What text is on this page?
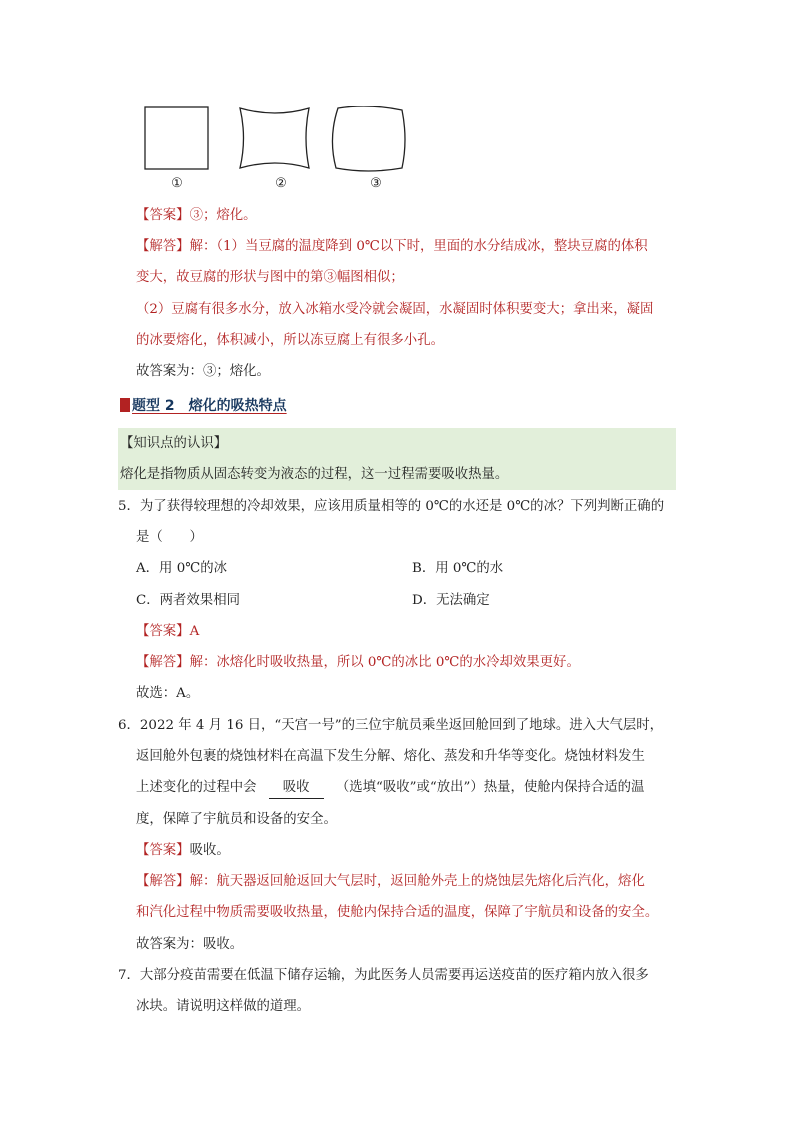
①	②	③
【答案】③；熔化。
【解答】解：（1）当豆腐的温度降到 0℃以下时，里面的水分结成冰，整块豆腐的体积
变大，故豆腐的形状与图中的第③幅图相似；
（2）豆腐有很多水分，放入冰箱水受冷就会凝固，水凝固时体积要变大；拿出来，凝固
的冰要熔化，体积减小，所以冻豆腐上有很多小孔。
故答案为：③；熔化。
题型 2　熔化的吸热特点
【知识点的认识】
熔化是指物质从固态转变为液态的过程，这一过程需要吸收热量。
5．为了获得较理想的冷却效果，应该用质量相等的 0℃的水还是 0℃的冰？下列判断正确的
是（　　）
A．用 0℃的冰	B．用 0℃的水
C．两者效果相同	D．无法确定
【答案】A
【解答】解：冰熔化时吸收热量，所以 0℃的冰比 0℃的水冷却效果更好。
故选：A。
6．2022 年 4 月 16 日，“天宫一号”的三位宇航员乘坐返回舱回到了地球。进入大气层时，
返回舱外包裹的烧蚀材料在高温下发生分解、熔化、蒸发和升华等变化。烧蚀材料发生
上述变化的过程中会 吸收 （选填“吸收”或“放出”）热量，使舱内保持合适的温
度，保障了宇航员和设备的安全。
【答案】吸收。
【解答】解：航天器返回舱返回大气层时，返回舱外壳上的烧蚀层先熔化后汽化，熔化
和汽化过程中物质需要吸收热量，使舱内保持合适的温度，保障了宇航员和设备的安全。
故答案为：吸收。
7．大部分疫苗需要在低温下储存运输，为此医务人员需要再运送疫苗的医疗箱内放入很多
冰块。请说明这样做的道理。
